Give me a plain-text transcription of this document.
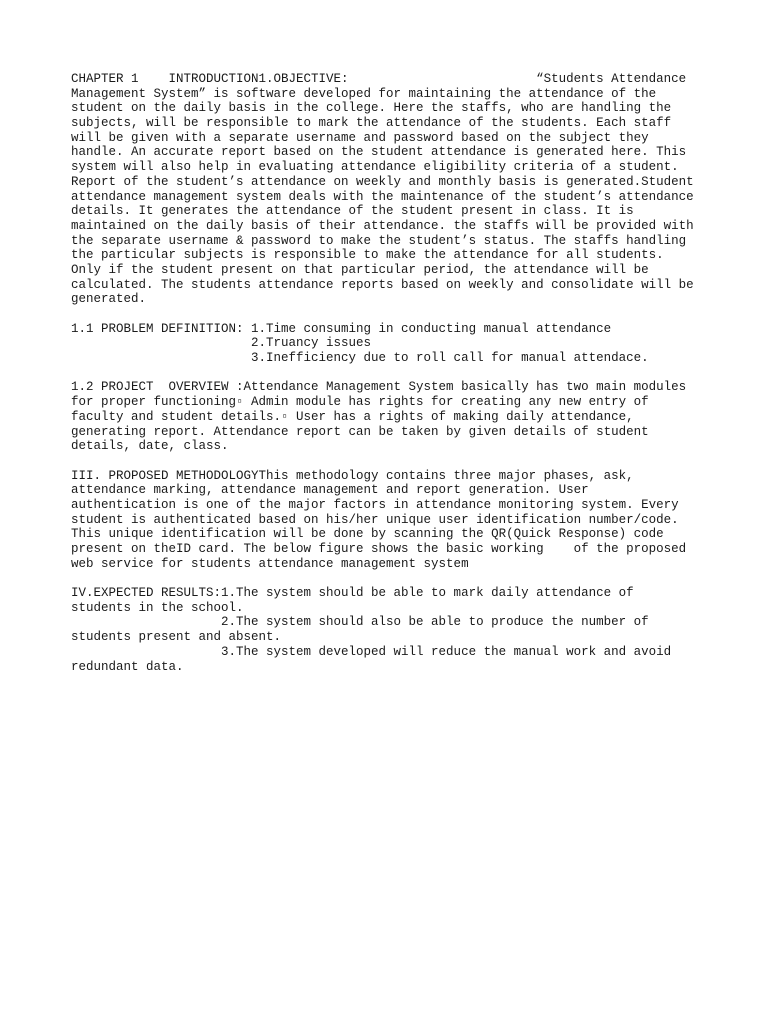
CHAPTER 1    INTRODUCTION1.OBJECTIVE:                         “Students Attendance
Management System” is software developed for maintaining the attendance of the
student on the daily basis in the college. Here the staffs, who are handling the
subjects, will be responsible to mark the attendance of the students. Each staff
will be given with a separate username and password based on the subject they
handle. An accurate report based on the student attendance is generated here. This
system will also help in evaluating attendance eligibility criteria of a student.
Report of the student’s attendance on weekly and monthly basis is generated.Student
attendance management system deals with the maintenance of the student’s attendance
details. It generates the attendance of the student present in class. It is
maintained on the daily basis of their attendance. the staffs will be provided with
the separate username & password to make the student’s status. The staffs handling
the particular subjects is responsible to make the attendance for all students.
Only if the student present on that particular period, the attendance will be
calculated. The students attendance reports based on weekly and consolidate will be
generated.
1.1 PROBLEM DEFINITION: 1.Time consuming in conducting manual attendance
2.Truancy issues
3.Inefficiency due to roll call for manual attendace.
1.2 PROJECT  OVERVIEW :Attendance Management System basically has two main modules
for proper functioning▫ Admin module has rights for creating any new entry of
faculty and student details.▫ User has a rights of making daily attendance,
generating report. Attendance report can be taken by given details of student
details, date, class.
III. PROPOSED METHODOLOGYThis methodology contains three major phases, ask,
attendance marking, attendance management and report generation. User
authentication is one of the major factors in attendance monitoring system. Every
student is authenticated based on his/her unique user identification number/code.
This unique identification will be done by scanning the QR(Quick Response) code
present on theID card. The below figure shows the basic working    of the proposed
web service for students attendance management system
IV.EXPECTED RESULTS:1.The system should be able to mark daily attendance of
students in the school.
2.The system should also be able to produce the number of
students present and absent.
3.The system developed will reduce the manual work and avoid
redundant data.
